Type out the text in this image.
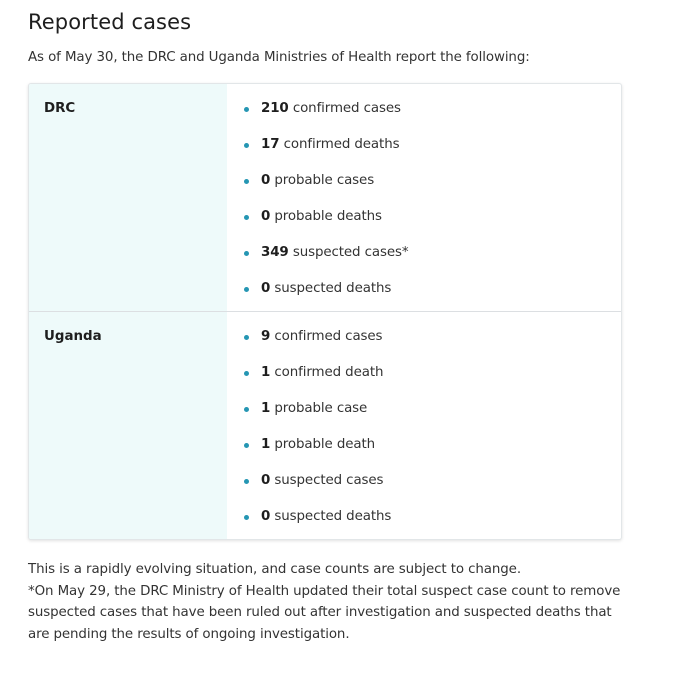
Reported cases

As of May 30, the DRC and Uganda Ministries of Health report the following:

DRC	210 confirmed cases
17 confirmed deaths
0 probable cases
0 probable deaths
349 suspected cases*
0 suspected deaths
Uganda	9 confirmed cases
1 confirmed death
1 probable case
1 probable death
0 suspected cases
0 suspected deaths
This is a rapidly evolving situation, and case counts are subject to change.
*On May 29, the DRC Ministry of Health updated their total suspect case count to remove suspected cases that have been ruled out after investigation and suspected deaths that are pending the results of ongoing investigation.
